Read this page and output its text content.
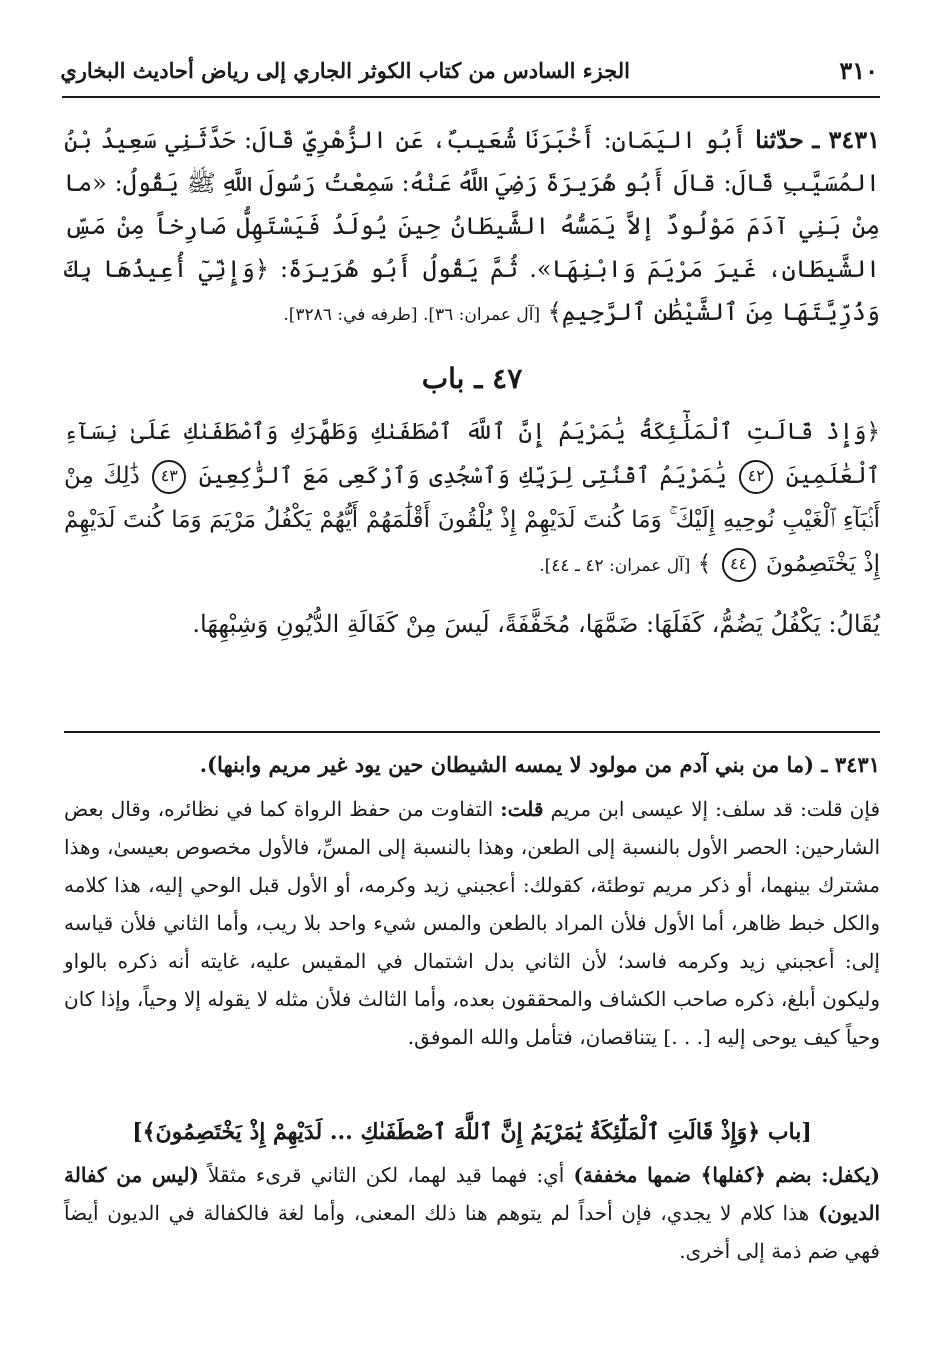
٣١٠
الجزء السادس من كتاب الكوثر الجاري إلى رياض أحاديث البخاري
٣٤٣١ ـ حدّثنا أَبُو اليَمَانِ: أَخْبَرَنَا شُعَيبٌ، عَنِ الزُّهْرِيِّ قَالَ: حَدَّثَنِي سَعِيدُ بْنُ المُسَيَّبِ قَالَ: قالَ أَبُو هُرَيرَةَ رَضِيَ اللَّهُ عَنْهُ: سَمِعْتُ رَسُولَ اللَّهِ ﷺ يَقُولُ: «ما مِنْ بَنِي آدَمَ مَوْلُودٌ إلاَّ يَمَسُّهُ الشَّيطَانُ حِينَ يُولَدُ فَيَسْتَهِلُّ صَارِخاً مِنْ مَسِّ الشَّيطَانِ، غَيرَ مَرْيَمَ وَابْنِهَا». ثُمَّ يَقُولُ أَبُو هُرَيرَةَ: ﴿وَإِنِّيٓ أُعِيذُهَا بِكَ وَذُرِّيَّتَهَا مِنَ ٱلشَّيْطَٰنِ ٱلرَّجِيمِ﴾ [آل عمران: ٣٦]. [طرفه في: ٣٢٨٦].
٤٧ ـ باب
﴿وَإِذْ قَالَتِ ٱلْمَلَٰٓئِكَةُ يَٰمَرْيَمُ إِنَّ ٱللَّهَ ٱصْطَفَىٰكِ وَطَهَّرَكِ وَٱصْطَفَىٰكِ عَلَىٰ نِسَآءِ ٱلْعَٰلَمِينَ ٤٢ يَٰمَرْيَمُ ٱقْنُتِى لِرَبِّكِ وَٱسْجُدِى وَٱرْكَعِى مَعَ ٱلرَّٰكِعِينَ ٤٣ ذَٰلِكَ مِنْ أَنۢبَآءِ ٱلْغَيْبِ نُوحِيهِ إِلَيْكَ ۚ وَمَا كُنتَ لَدَيْهِمْ إِذْ يُلْقُونَ أَقْلَٰمَهُمْ أَيُّهُمْ يَكْفُلُ مَرْيَمَ وَمَا كُنتَ لَدَيْهِمْ إِذْ يَخْتَصِمُونَ ٤٤ ﴾ [آل عمران: ٤٢ ـ ٤٤].
يُقَالُ: يَكْفُلُ يَضُمُّ، كَفَلَهَا: ضَمَّهَا، مُخَفَّفَةً، لَيسَ مِنْ كَفَالَةِ الدُّيُونِ وَشِبْهِهَا.
٣٤٣١ ـ (ما من بني آدم من مولود لا يمسه الشيطان حين يود غير مريم وابنها).
فإن قلت: قد سلف: إلا عيسى ابن مريم قلت: التفاوت من حفظ الرواة كما في نظائره، وقال بعض الشارحين: الحصر الأول بالنسبة إلى الطعن، وهذا بالنسبة إلى المسِّ، فالأول مخصوص بعيسىٰ، وهذا مشترك بينهما، أو ذكر مريم توطئة، كقولك: أعجبني زيد وكرمه، أو الأول قبل الوحي إليه، هذا كلامه والكل خبط ظاهر، أما الأول فلأن المراد بالطعن والمس شيء واحد بلا ريب، وأما الثاني فلأن قياسه إلى: أعجبني زيد وكرمه فاسد؛ لأن الثاني بدل اشتمال في المقيس عليه، غايته أنه ذكره بالواو وليكون أبلغ، ذكره صاحب الكشاف والمحققون بعده، وأما الثالث فلأن مثله لا يقوله إلا وحياً، وإذا كان وحياً كيف يوحى إليه [. . .] يتناقصان، فتأمل والله الموفق.
[باب ﴿وَإِذْ قَالَتِ ٱلْمَلَٰٓئِكَةُ يَٰمَرْيَمُ إِنَّ ٱللَّهَ ٱصْطَفَىٰكِ ... لَدَيْهِمْ إِذْ يَخْتَصِمُونَ﴾]
(يكفل: بضم ﴿كفلها﴾ ضمها مخففة) أي: فهما قيد لهما، لكن الثاني قرىء مثقلاً (ليس من كفالة الديون) هذا كلام لا يجدي، فإن أحداً لم يتوهم هنا ذلك المعنى، وأما لغة فالكفالة في الديون أيضاً فهي ضم ذمة إلى أخرى.
